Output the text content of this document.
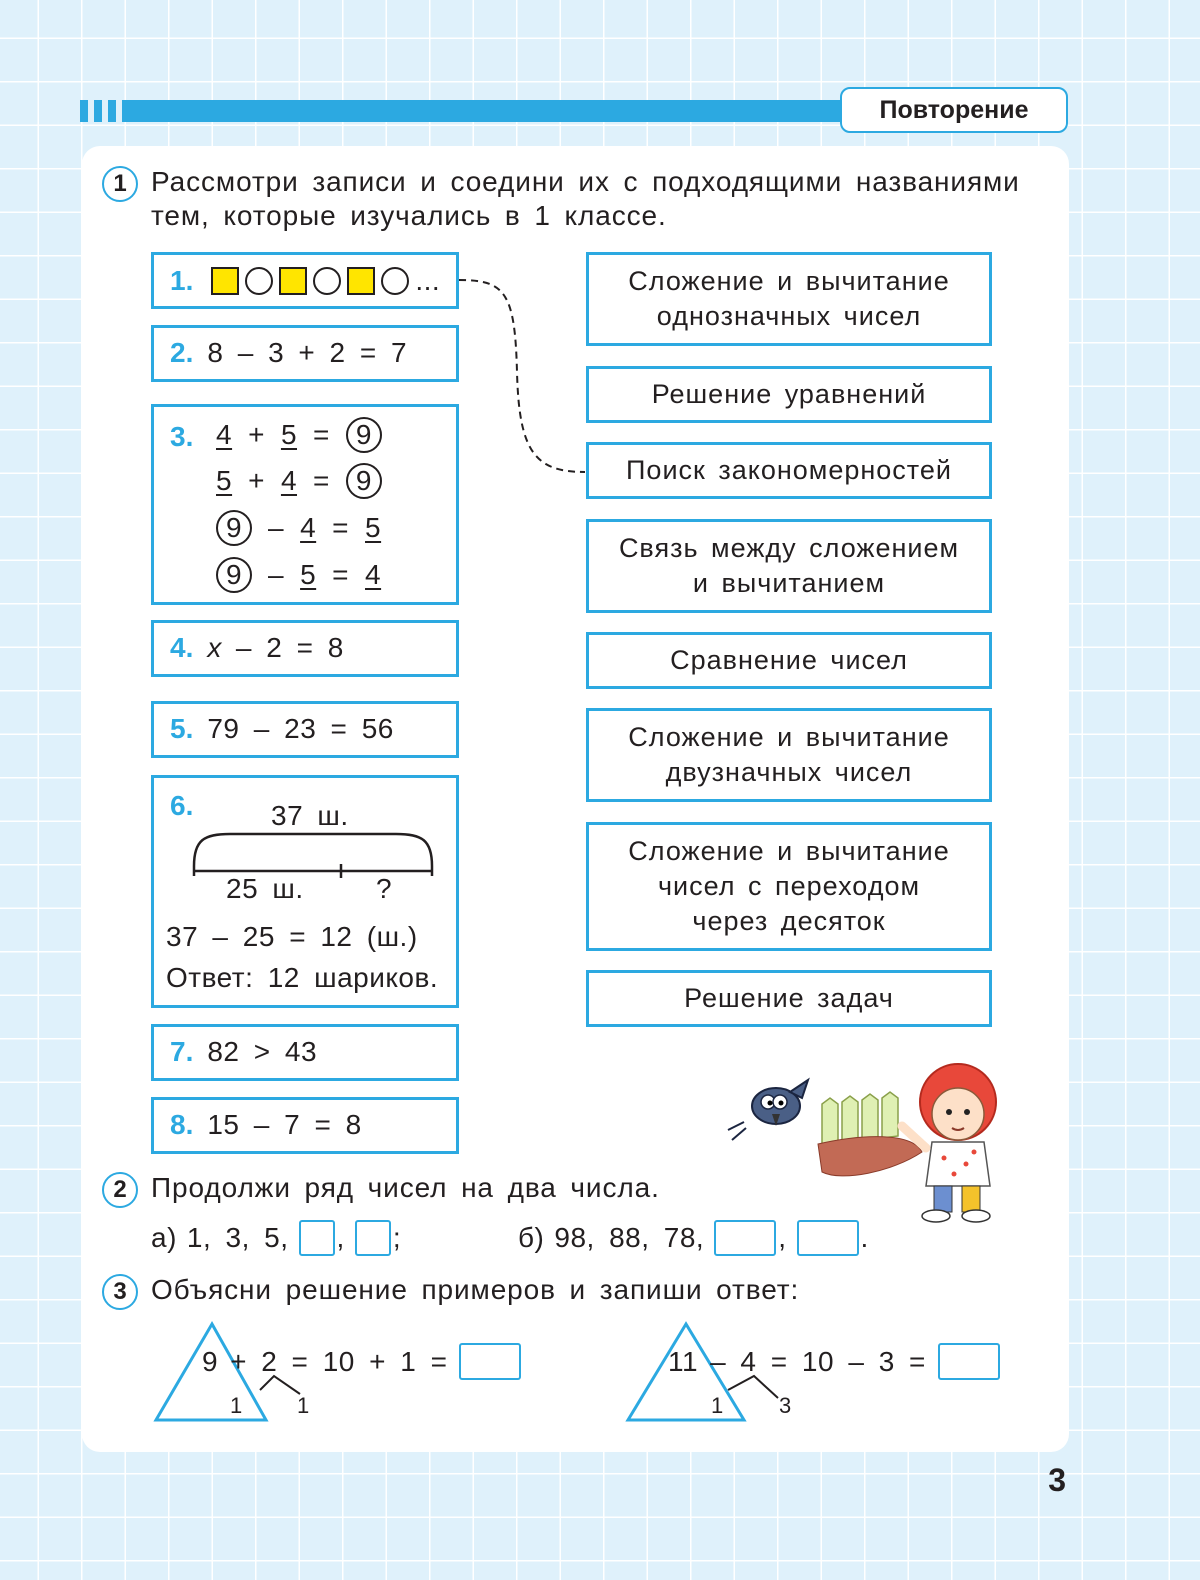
Повторение
1 Рассмотри записи и соедини их с подходящими названиями
тем, которые изучались в 1 классе.
1.	...
2. 8 – 3 + 2 = 7
3. 4 + 5 = 9
5 + 4 = 9
9 – 4 = 5
9 – 5 = 4
4. x – 2 = 8
5. 79 – 23 = 56
6.	37 ш.
25 ш.	?
37 – 25 = 12 (ш.)
Ответ: 12 шариков.
7. 82 > 43
8. 15 – 7 = 8
Сложение и вычитание
однозначных чисел
Решение уравнений
Поиск закономерностей
Связь между сложением
и вычитанием
Сравнение чисел
Сложение и вычитание
двузначных чисел
Сложение и вычитание
чисел с переходом
через десяток
Решение задач
2 Продолжи ряд чисел на два числа.
а) 1, 3, 5, , ;	б) 98, 88, 78,	,	.
3 Объясни решение примеров и запиши ответ:
9 + 2 = 10 + 1 =
1 1
11 – 4 = 10 – 3 =
1	3
3
